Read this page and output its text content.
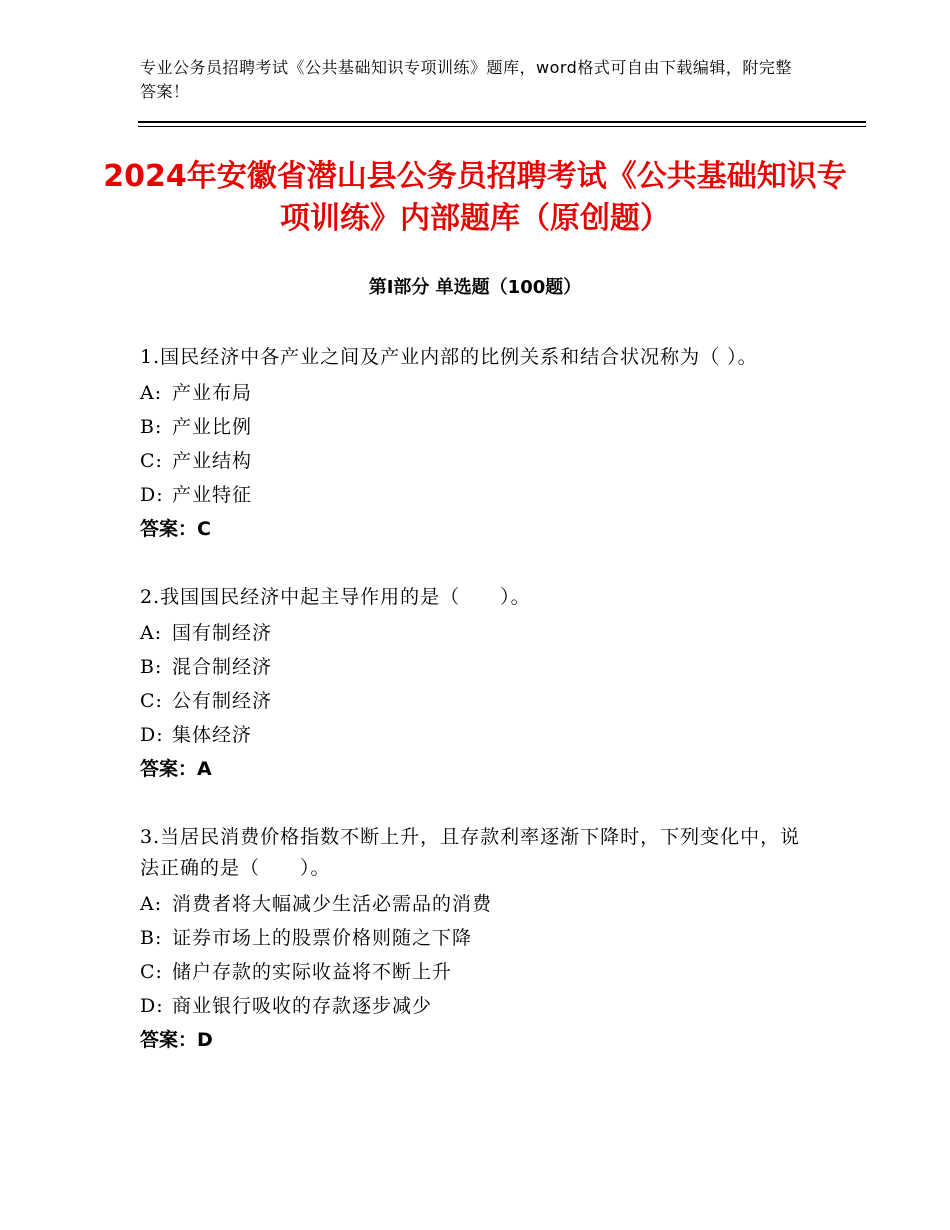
专业公务员招聘考试《公共基础知识专项训练》题库，word格式可自由下载编辑，附完整答案！
2024年安徽省潜山县公务员招聘考试《公共基础知识专项训练》内部题库（原创题）
第Ⅰ部分 单选题（100题）
1.国民经济中各产业之间及产业内部的比例关系和结合状况称为（ ）。
A: 产业布局
B: 产业比例
C: 产业结构
D: 产业特征
答案：C
2.我国国民经济中起主导作用的是（　　）。
A: 国有制经济
B: 混合制经济
C: 公有制经济
D: 集体经济
答案：A
3.当居民消费价格指数不断上升，且存款利率逐渐下降时，下列变化中，说法正确的是（　　）。
A: 消费者将大幅减少生活必需品的消费
B: 证券市场上的股票价格则随之下降
C: 储户存款的实际收益将不断上升
D: 商业银行吸收的存款逐步减少
答案：D
